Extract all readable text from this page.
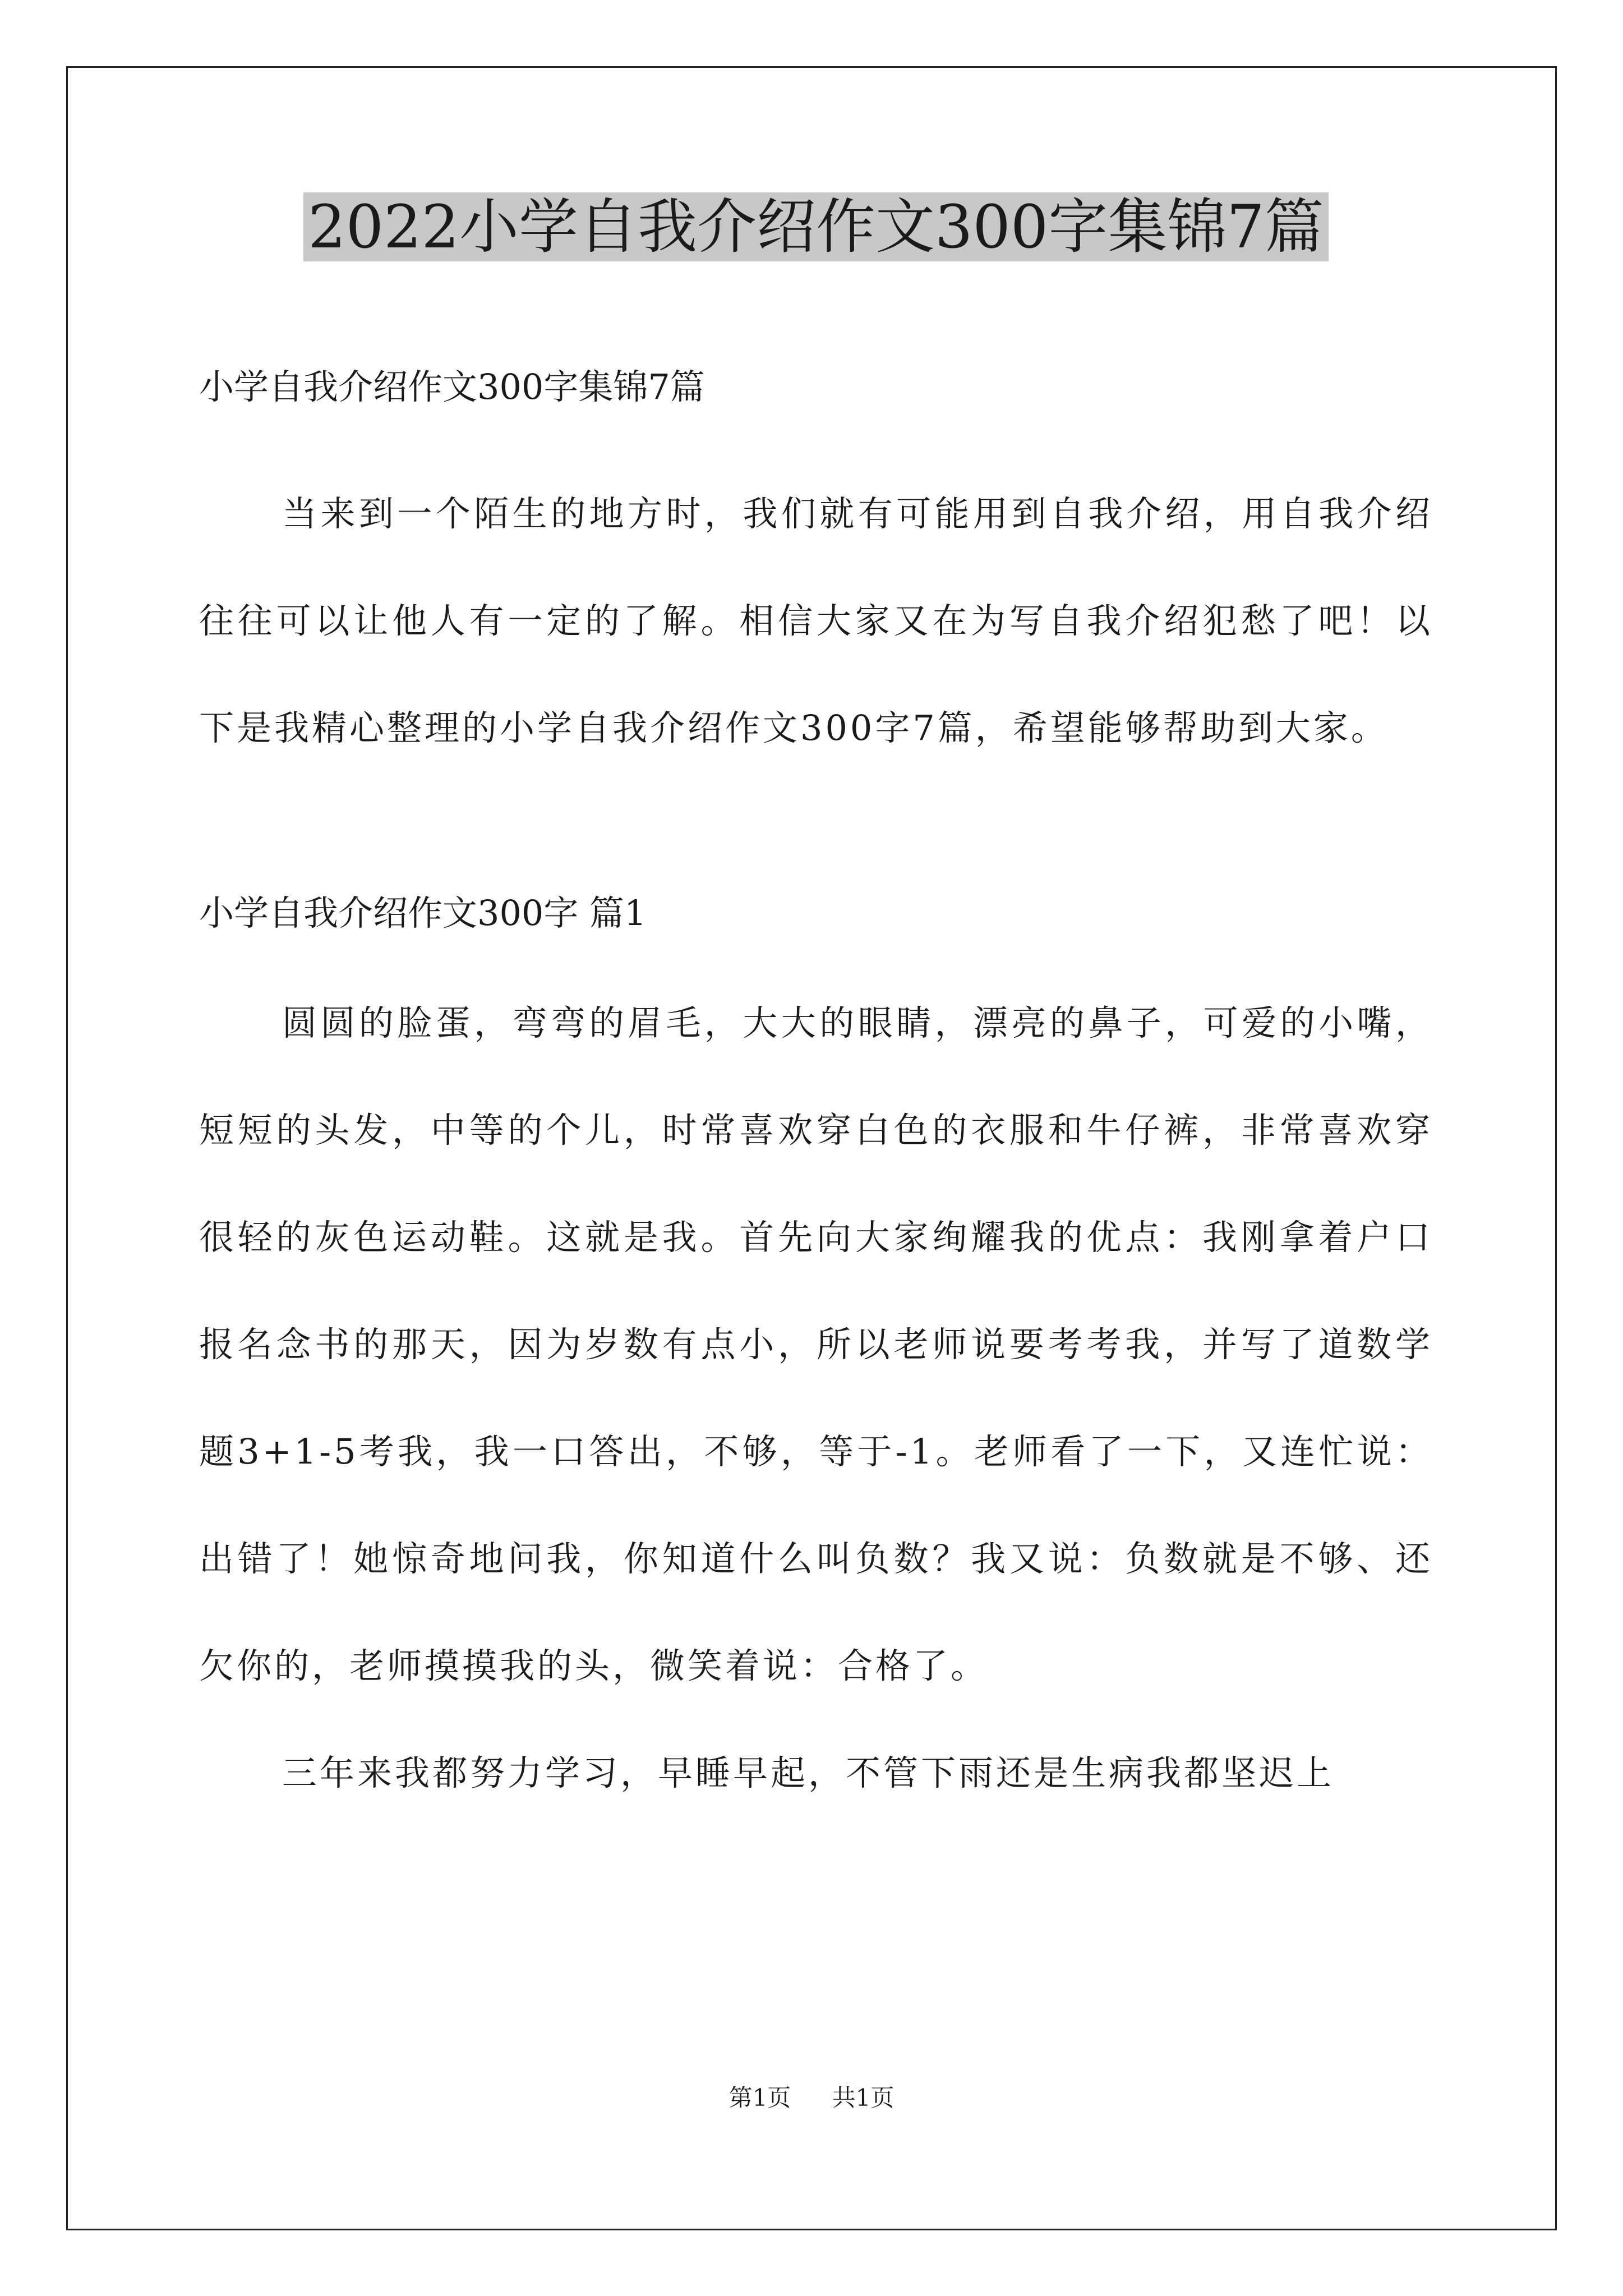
2022小学自我介绍作文300字集锦7篇

小学自我介绍作文300字集锦7篇

当来到一个陌生的地方时，我们就有可能用到自我介绍，用自我介绍往往可以让他人有一定的了解。相信大家又在为写自我介绍犯愁了吧！以下是我精心整理的小学自我介绍作文300字7篇，希望能够帮助到大家。

小学自我介绍作文300字 篇1

圆圆的脸蛋，弯弯的眉毛，大大的眼睛，漂亮的鼻子，可爱的小嘴，短短的头发，中等的个儿，时常喜欢穿白色的衣服和牛仔裤，非常喜欢穿很轻的灰色运动鞋。这就是我。首先向大家绚耀我的优点：我刚拿着户口报名念书的那天，因为岁数有点小，所以老师说要考考我，并写了道数学题3+1-5考我，我一口答出，不够，等于-1。老师看了一下，又连忙说：出错了！她惊奇地问我，你知道什么叫负数？我又说：负数就是不够、还欠你的，老师摸摸我的头，微笑着说：合格了。

三年来我都努力学习，早睡早起，不管下雨还是生病我都坚迟上

第1页 共1页
